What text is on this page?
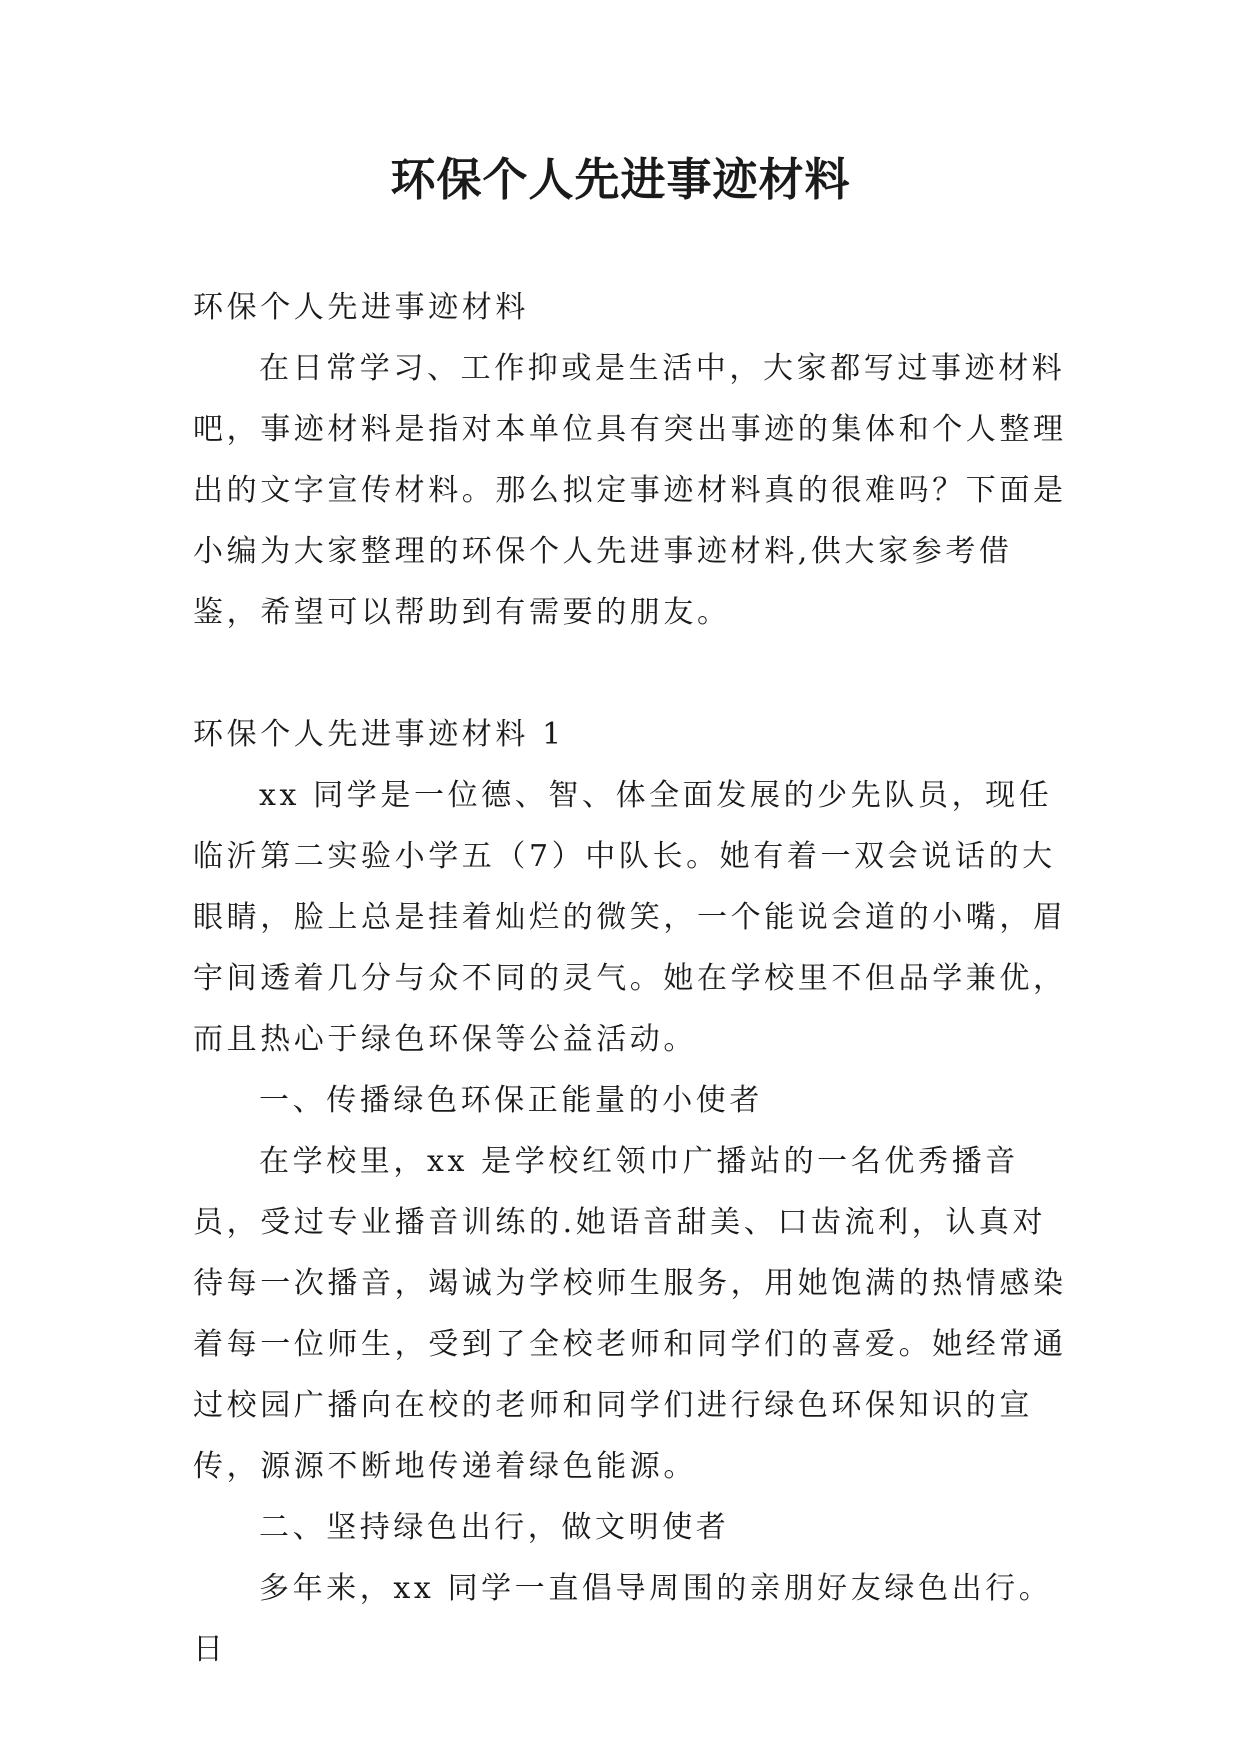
环保个人先进事迹材料

环保个人先进事迹材料

在日常学习、工作抑或是生活中，大家都写过事迹材料吧，事迹材料是指对本单位具有突出事迹的集体和个人整理出的文字宣传材料。那么拟定事迹材料真的很难吗？下面是小编为大家整理的环保个人先进事迹材料,供大家参考借鉴，希望可以帮助到有需要的朋友。

环保个人先进事迹材料 1

xx 同学是一位德、智、体全面发展的少先队员，现任临沂第二实验小学五（7）中队长。她有着一双会说话的大眼睛，脸上总是挂着灿烂的微笑，一个能说会道的小嘴，眉宇间透着几分与众不同的灵气。她在学校里不但品学兼优，而且热心于绿色环保等公益活动。

一、传播绿色环保正能量的小使者

在学校里，xx 是学校红领巾广播站的一名优秀播音员，受过专业播音训练的.她语音甜美、口齿流利，认真对待每一次播音，竭诚为学校师生服务，用她饱满的热情感染着每一位师生，受到了全校老师和同学们的喜爱。她经常通过校园广播向在校的老师和同学们进行绿色环保知识的宣传，源源不断地传递着绿色能源。

二、坚持绿色出行，做文明使者

多年来，xx 同学一直倡导周围的亲朋好友绿色出行。日
